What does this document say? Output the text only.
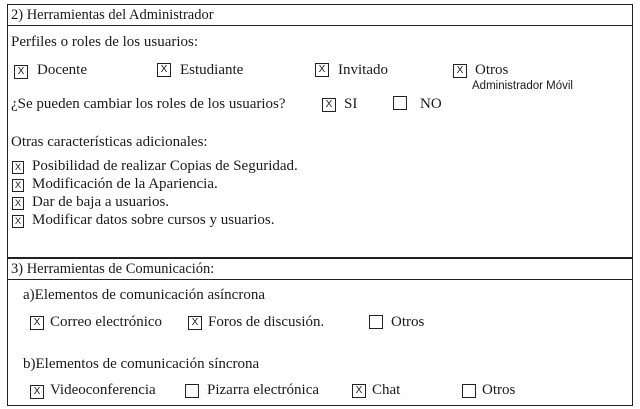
2) Herramientas del Administrador
Perfiles o roles de los usuarios:
X Docente	X Estudiante	X Invitado	X Otros
Administrador Móvil
¿Se pueden cambiar los roles de los usuarios?	X SI	NO
Otras características adicionales:
X Posibilidad de realizar Copias de Seguridad.
X Modificación de la Apariencia.
X Dar de baja a usuarios.
X Modificar datos sobre cursos y usuarios.
3) Herramientas de Comunicación:
a)Elementos de comunicación asíncrona
X Correo electrónico	X Foros de discusión.	Otros
b)Elementos de comunicación síncrona
X Videoconferencia	Pizarra electrónica	X Chat	Otros
